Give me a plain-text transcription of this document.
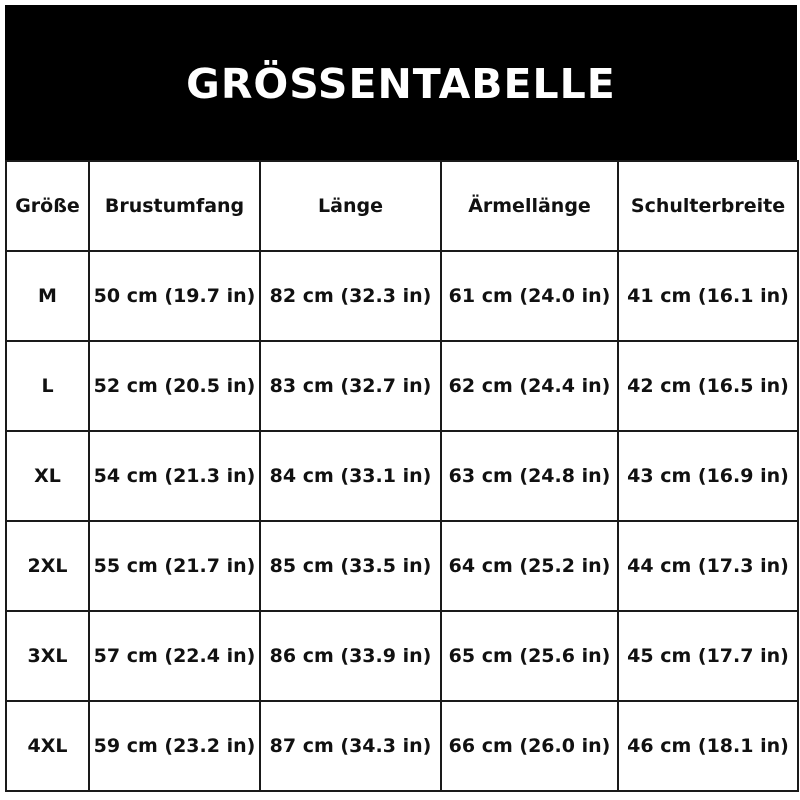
GRÖSSENTABELLE
Größe	Brustumfang	Länge	Ärmellänge	Schulterbreite
M	50 cm (19.7 in)	82 cm (32.3 in)	61 cm (24.0 in)	41 cm (16.1 in)
L	52 cm (20.5 in)	83 cm (32.7 in)	62 cm (24.4 in)	42 cm (16.5 in)
XL	54 cm (21.3 in)	84 cm (33.1 in)	63 cm (24.8 in)	43 cm (16.9 in)
2XL	55 cm (21.7 in)	85 cm (33.5 in)	64 cm (25.2 in)	44 cm (17.3 in)
3XL	57 cm (22.4 in)	86 cm (33.9 in)	65 cm (25.6 in)	45 cm (17.7 in)
4XL	59 cm (23.2 in)	87 cm (34.3 in)	66 cm (26.0 in)	46 cm (18.1 in)
